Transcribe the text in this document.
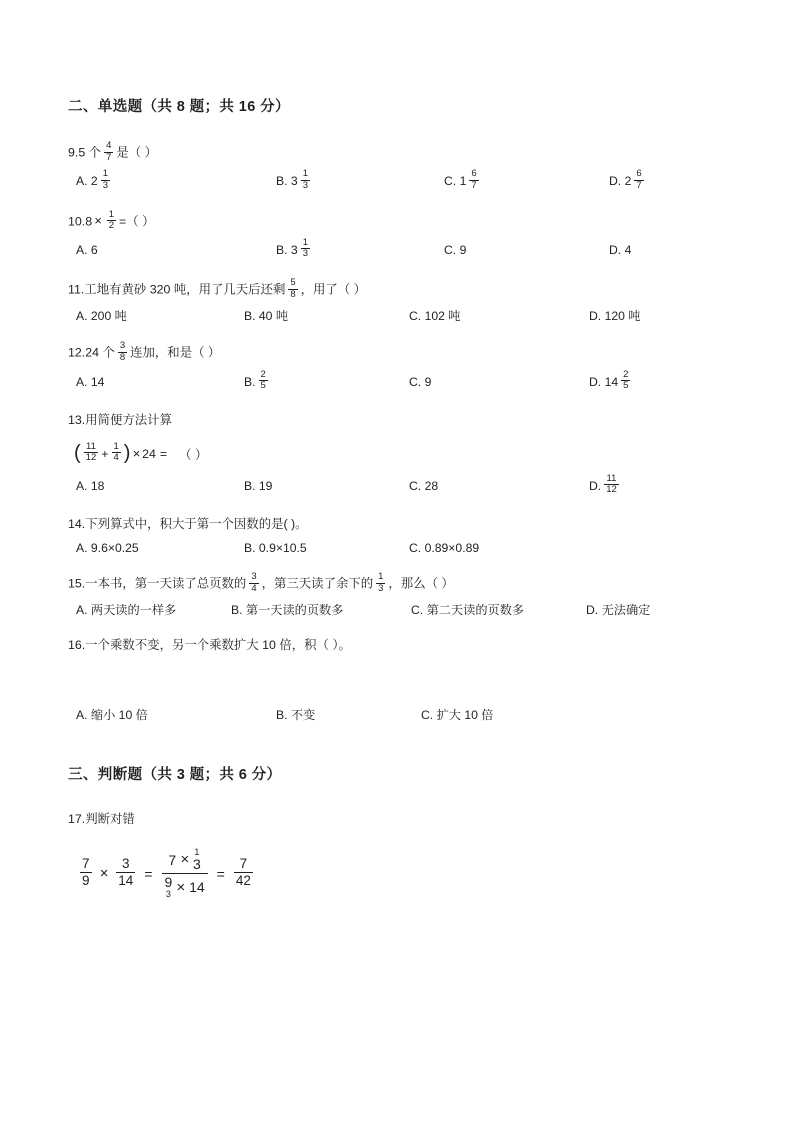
二、单选题（共 8 题；共 16 分）
9.5 个 $\frac{4}{7}$ 是（ ）
A. $2 \frac{1}{3}$	B. $3 \frac{1}{3}$	C. $1 \frac{6}{7}$	D. $2 \frac{6}{7}$
$10.8 \times \frac{1}{2}$ =（ ）
A. 6	B. $3 \frac{1}{3}$	C. 9	D. 4
11.工地有黄砂 320 吨，用了几天后还剩 $\frac{5}{8}$ ，用了（ ）
A. 200 吨	B. 40 吨	C. 102 吨	D. 120 吨
12.24 个 $\frac{3}{8}$ 连加，和是（ ）
A. 14	B. $\frac{2}{5}$	C. 9	D. $14 \frac{2}{5}$
13.用简便方法计算
( $\frac{11}{12} + \frac{1}{4}$ ) × 24 = （ ）
A. 18	B. 19	C. 28	D. $\frac{11}{12}$
14.下列算式中，积大于第一个因数的是( )。
A. 9.6×0.25	B. 0.9×10.5	C. 0.89×0.89
15.一本书，第一天读了总页数的 $\frac{3}{4}$ ，第三天读了余下的 $\frac{1}{3}$ ，那么（ ）
A. 两天读的一样多	B. 第一天读的页数多	C. 第二天读的页数多	D. 无法确定
16.一个乘数不变，另一个乘数扩大 10 倍，积（ ）。
A. 缩小 10 倍	B. 不变	C. 扩大 10 倍
三、判断题（共 3 题；共 6 分）
17.判断对错
$\frac{7}{9} \times \frac{3}{14} = 7 \times 1$
3
9
$3 \times 14 = \frac{7}{42}$
